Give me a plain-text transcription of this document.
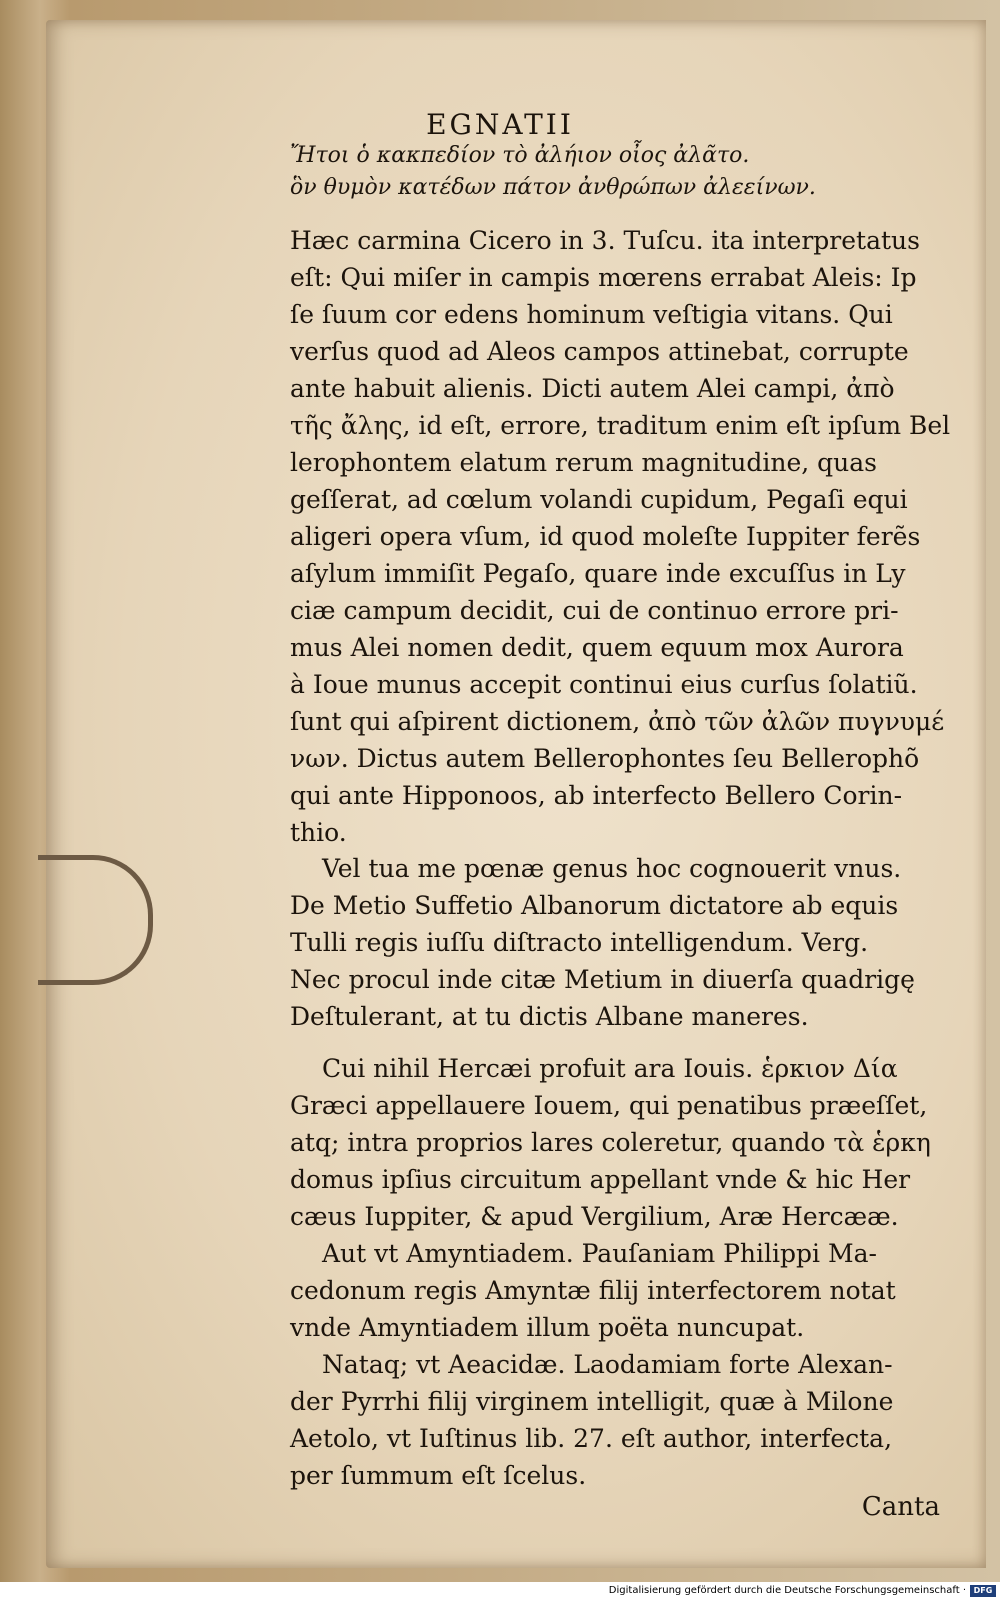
EGNATII

Ἤτοι ὁ κακπεδίον τὸ ἀλήιον οἶος ἀλᾶτο.

ὃν θυμὸν κατέδων πάτον ἀνθρώπων ἀλεείνων.

Hæc carmina Cicero in 3. Tuſcu. ita interpretatus

eſt: Qui miſer in campis mœrens errabat Aleis: Ip

ſe ſuum cor edens hominum veſtigia vitans. Qui

verſus quod ad Aleos campos attinebat, corrupte

ante habuit alienis. Dicti autem Alei campi, ἀπὸ

τῆς ἄλης, id eſt, errore, traditum enim eſt ipſum Bel

lerophontem elatum rerum magnitudine, quas

geſſerat, ad cœlum volandi cupidum, Pegaſi equi

aligeri opera vſum, id quod moleſte Iuppiter ferẽs

aſylum immiſit Pegaſo, quare inde excuſſus in Ly

ciæ campum decidit, cui de continuo errore pri-

mus Alei nomen dedit, quem equum mox Aurora

à Ioue munus accepit continui eius curſus ſolatiũ.

ſunt qui aſpirent dictionem, ἀπὸ τῶν ἀλῶν πυγνυμέ

νων. Dictus autem Bellerophontes ſeu Bellerophõ

qui ante Hipponoos, ab interfecto Bellero Corin-

thio.

Vel tua me pœnæ genus hoc cognouerit vnus.

De Metio Suffetio Albanorum dictatore ab equis

Tulli regis iuſſu diſtracto intelligendum. Verg.

Nec procul inde citæ Metium in diuerſa quadrigę

Deſtulerant, at tu dictis Albane maneres.

Cui nihil Hercæi profuit ara Iouis. ἑρκιον Δία

Græci appellauere Iouem, qui penatibus præeſſet,

atq; intra proprios lares coleretur, quando τὰ ἑρκη

domus ipſius circuitum appellant vnde & hic Her

cæus Iuppiter, & apud Vergilium, Aræ Hercææ.

Aut vt Amyntiadem. Pauſaniam Philippi Ma-

cedonum regis Amyntæ filij interfectorem notat

vnde Amyntiadem illum poëta nuncupat.

Nataq; vt Aeacidæ. Laodamiam forte Alexan-

der Pyrrhi filij virginem intelligit, quæ à Milone

Aetolo, vt Iuſtinus lib. 27. eſt author, interfecta,

per ſummum eſt ſcelus.

Canta
Digitalisierung gefördert durch die Deutsche Forschungsgemeinschaft · DFG
